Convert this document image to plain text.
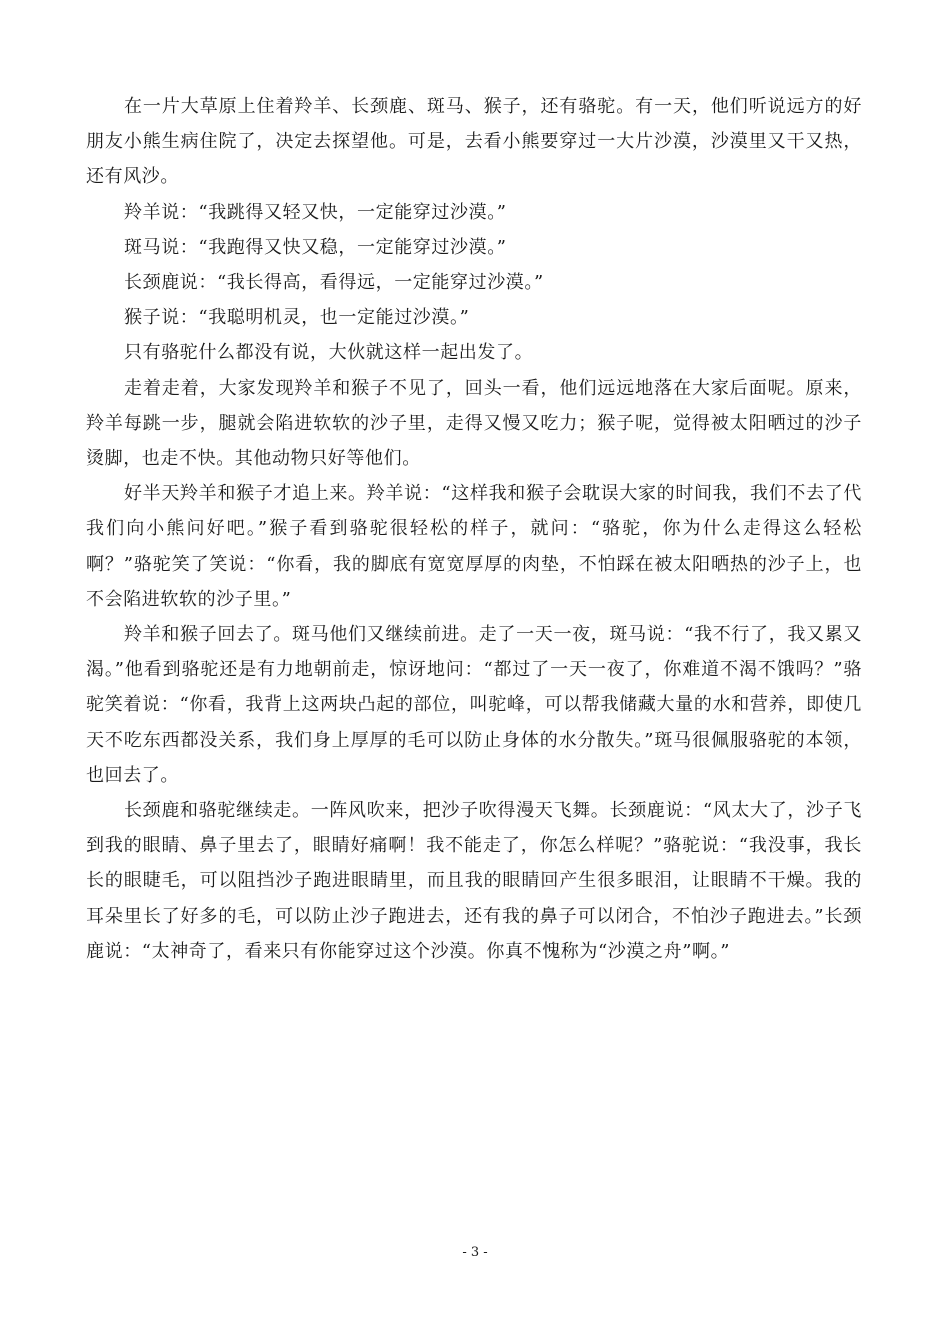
在一片大草原上住着羚羊、长颈鹿、斑马、猴子，还有骆驼。有一天，他们听说远方的好朋友小熊生病住院了，决定去探望他。可是，去看小熊要穿过一大片沙漠，沙漠里又干又热，还有风沙。

羚羊说：“我跳得又轻又快，一定能穿过沙漠。”

斑马说：“我跑得又快又稳，一定能穿过沙漠。”

长颈鹿说：“我长得高，看得远，一定能穿过沙漠。”

猴子说：“我聪明机灵，也一定能过沙漠。”

只有骆驼什么都没有说，大伙就这样一起出发了。

走着走着，大家发现羚羊和猴子不见了，回头一看，他们远远地落在大家后面呢。原来，羚羊每跳一步，腿就会陷进软软的沙子里，走得又慢又吃力；猴子呢，觉得被太阳晒过的沙子烫脚，也走不快。其他动物只好等他们。

好半天羚羊和猴子才追上来。羚羊说：“这样我和猴子会耽误大家的时间我，我们不去了代我们向小熊问好吧。”猴子看到骆驼很轻松的样子，就问：“骆驼，你为什么走得这么轻松啊？”骆驼笑了笑说：“你看，我的脚底有宽宽厚厚的肉垫，不怕踩在被太阳晒热的沙子上，也不会陷进软软的沙子里。”

羚羊和猴子回去了。斑马他们又继续前进。走了一天一夜，斑马说：“我不行了，我又累又渴。”他看到骆驼还是有力地朝前走，惊讶地问：“都过了一天一夜了，你难道不渴不饿吗？”骆驼笑着说：“你看，我背上这两块凸起的部位，叫驼峰，可以帮我储藏大量的水和营养，即使几天不吃东西都没关系，我们身上厚厚的毛可以防止身体的水分散失。”斑马很佩服骆驼的本领，也回去了。

长颈鹿和骆驼继续走。一阵风吹来，把沙子吹得漫天飞舞。长颈鹿说：“风太大了，沙子飞到我的眼睛、鼻子里去了，眼睛好痛啊！我不能走了，你怎么样呢？”骆驼说：“我没事，我长长的眼睫毛，可以阻挡沙子跑进眼睛里，而且我的眼睛回产生很多眼泪，让眼睛不干燥。我的耳朵里长了好多的毛，可以防止沙子跑进去，还有我的鼻子可以闭合，不怕沙子跑进去。”长颈鹿说：“太神奇了，看来只有你能穿过这个沙漠。你真不愧称为“沙漠之舟”啊。”

- 3 -
